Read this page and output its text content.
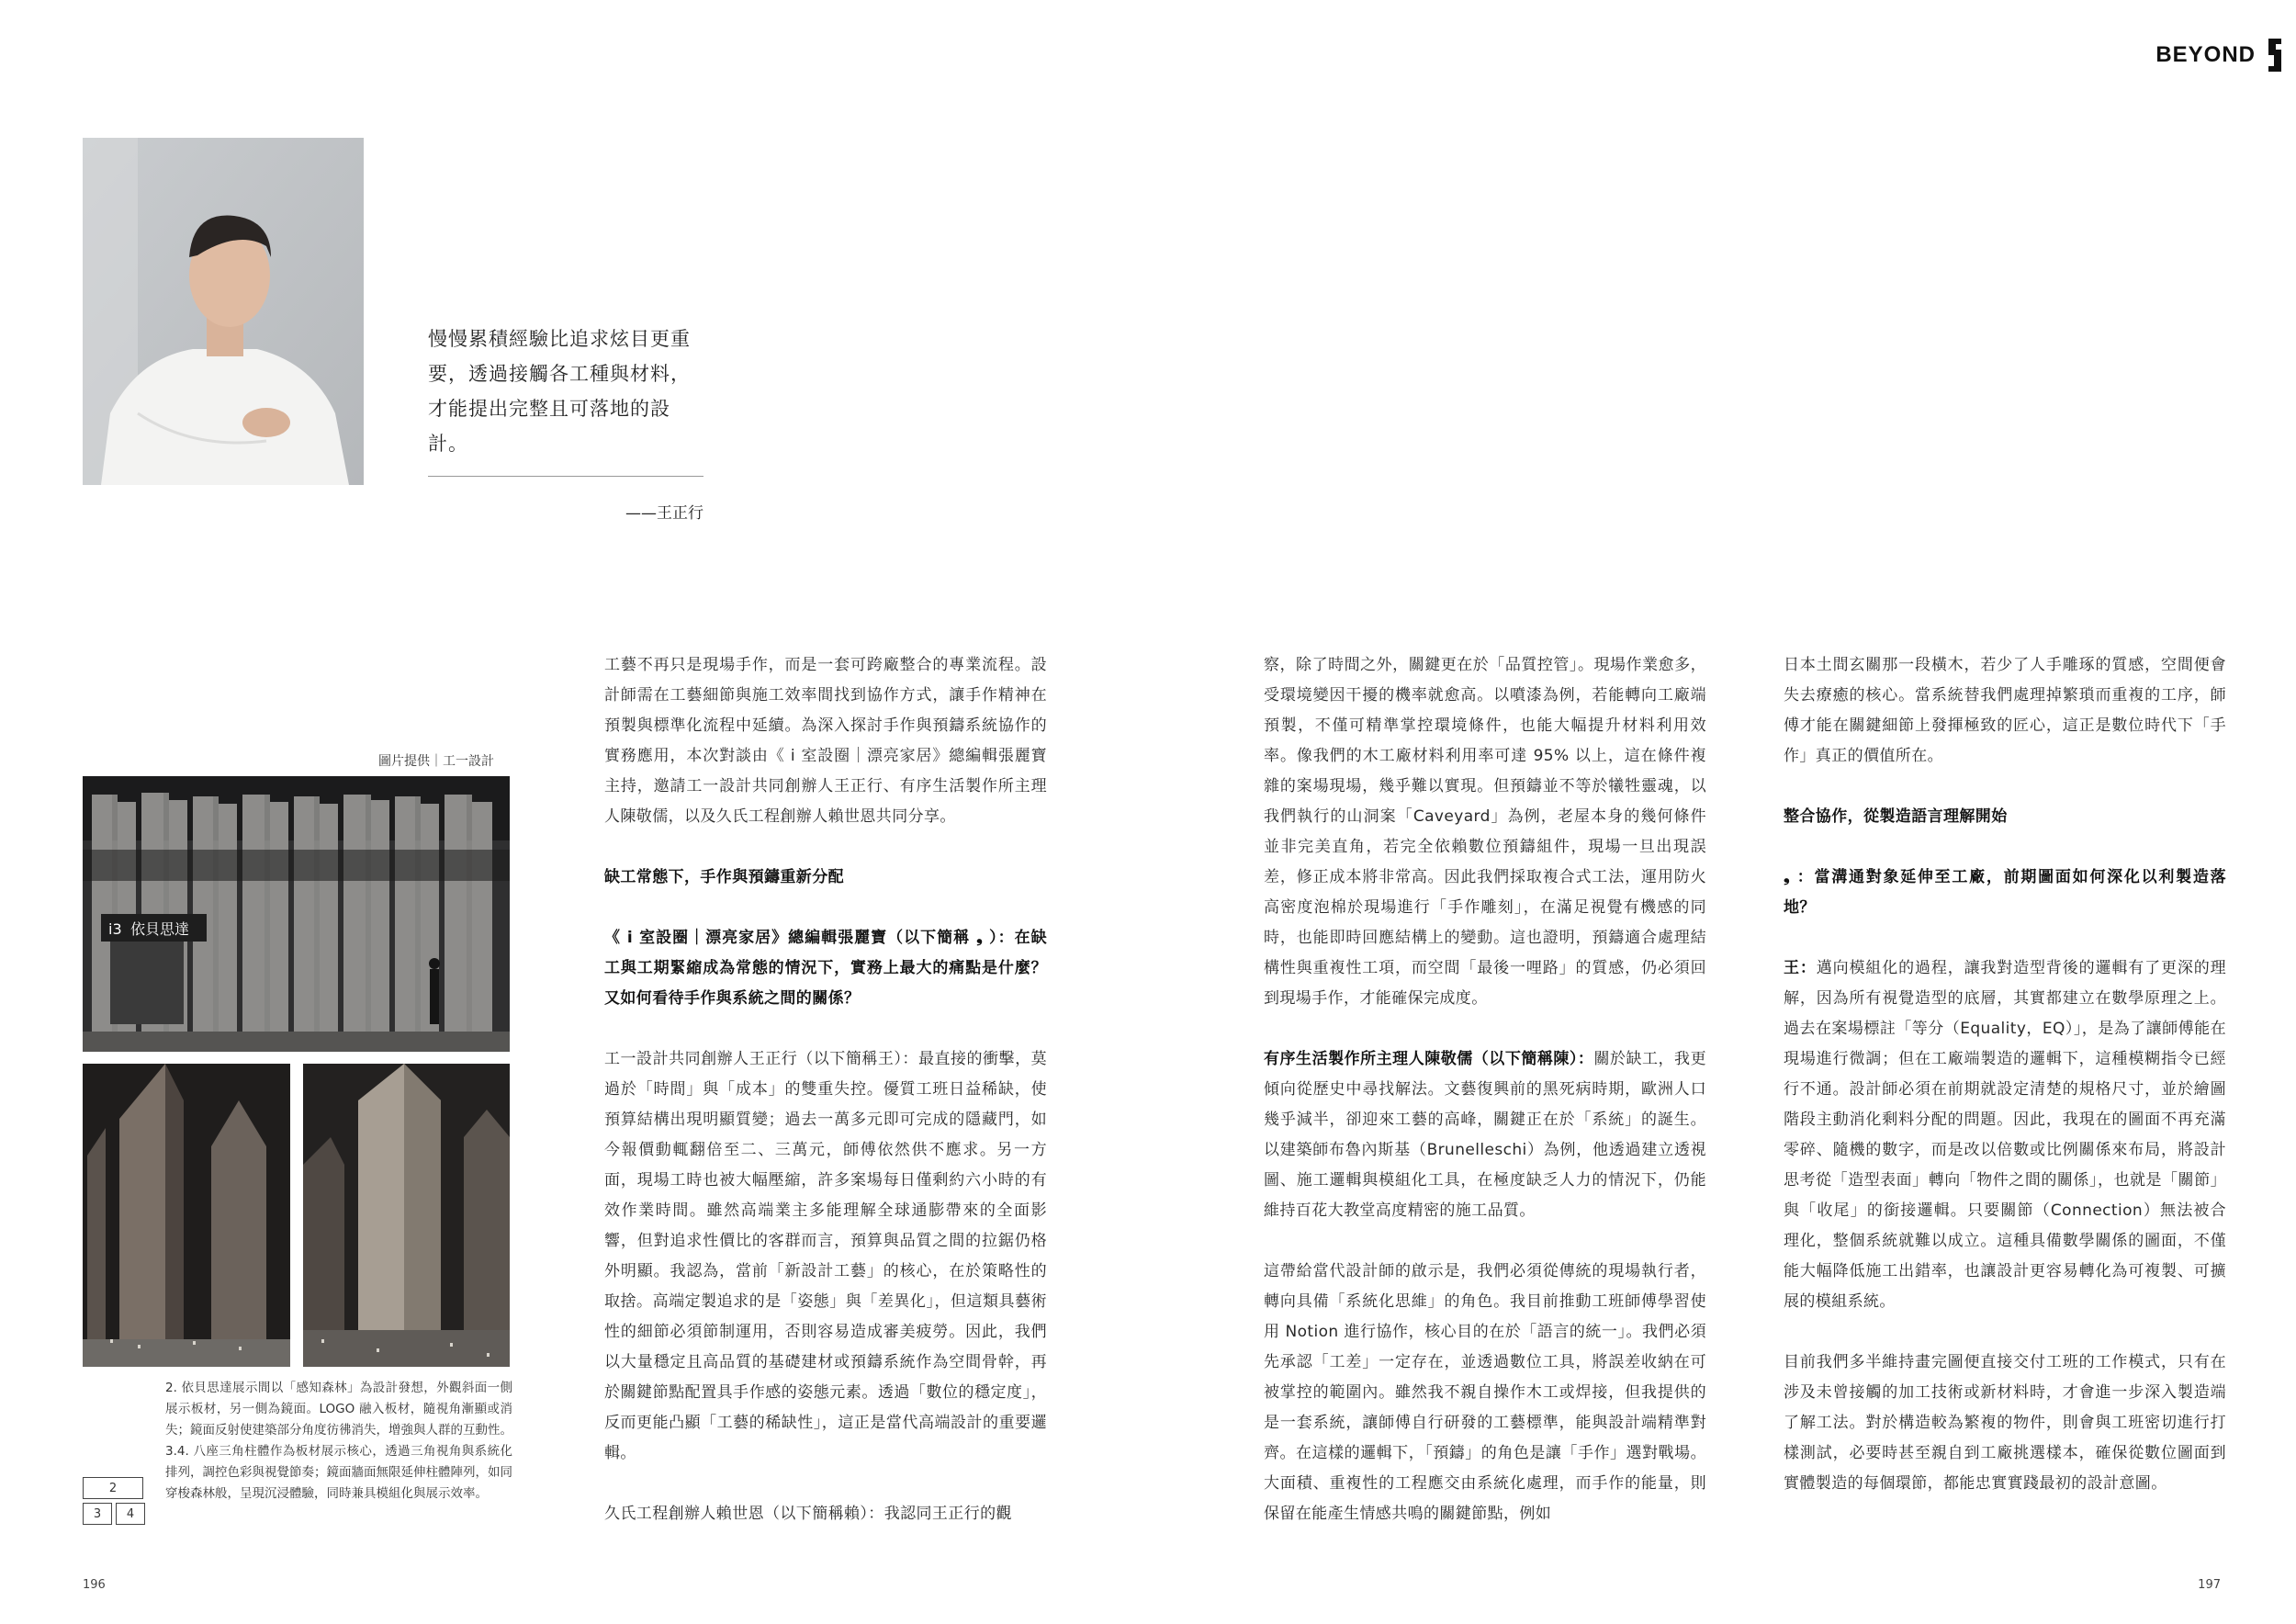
BEYOND
慢慢累積經驗比追求炫目更重
要，透過接觸各工種與材料，
才能提出完整且可落地的設計。
——王正行
圖片提供｜工一設計
i3 依貝思達
2. 依貝思達展示間以「感知森林」為設計發想，外觀斜面一側展示板材，另一側為鏡面。LOGO 融入板材，隨視角漸顯或消失；鏡面反射使建築部分角度彷彿消失，增強與人群的互動性。3.4. 八座三角柱體作為板材展示核心，透過三角視角與系統化排列，調控色彩與視覺節奏；鏡面牆面無限延伸柱體陣列，如同穿梭森林般，呈現沉浸體驗，同時兼具模組化與展示效率。
2
3	4

工藝不再只是現場手作，而是一套可跨廠整合的專業流程。設計師需在工藝細節與施工效率間找到協作方式，讓手作精神在預製與標準化流程中延續。為深入探討手作與預鑄系統協作的實務應用，本次對談由《 i 室設圈｜漂亮家居》總編輯張麗寶主持，邀請工一設計共同創辦人王正行、有序生活製作所主理人陳敬儒，以及久氏工程創辦人賴世恩共同分享。

缺工常態下，手作與預鑄重新分配

《 i 室設圈｜漂亮家居》總編輯張麗寶（以下簡稱 ❟ ）：在缺工與工期緊縮成為常態的情況下，實務上最大的痛點是什麼？又如何看待手作與系統之間的關係？

工一設計共同創辦人王正行（以下簡稱王）：最直接的衝擊，莫過於「時間」與「成本」的雙重失控。優質工班日益稀缺，使預算結構出現明顯質變；過去一萬多元即可完成的隱藏門，如今報價動輒翻倍至二、三萬元，師傅依然供不應求。另一方面，現場工時也被大幅壓縮，許多案場每日僅剩約六小時的有效作業時間。雖然高端業主多能理解全球通膨帶來的全面影響，但對追求性價比的客群而言，預算與品質之間的拉鋸仍格外明顯。我認為，當前「新設計工藝」的核心，在於策略性的取捨。高端定製追求的是「姿態」與「差異化」，但這類具藝術性的細節必須節制運用，否則容易造成審美疲勞。因此，我們以大量穩定且高品質的基礎建材或預鑄系統作為空間骨幹，再於關鍵節點配置具手作感的姿態元素。透過「數位的穩定度」，反而更能凸顯「工藝的稀缺性」，這正是當代高端設計的重要邏輯。

久氏工程創辦人賴世恩（以下簡稱賴）：我認同王正行的觀

察，除了時間之外，關鍵更在於「品質控管」。現場作業愈多，受環境變因干擾的機率就愈高。以噴漆為例，若能轉向工廠端預製，不僅可精準掌控環境條件，也能大幅提升材料利用效率。像我們的木工廠材料利用率可達 95% 以上，這在條件複雜的案場現場，幾乎難以實現。但預鑄並不等於犧牲靈魂，以我們執行的山洞案「Caveyard」為例，老屋本身的幾何條件並非完美直角，若完全依賴數位預鑄組件，現場一旦出現誤差，修正成本將非常高。因此我們採取複合式工法，運用防火高密度泡棉於現場進行「手作雕刻」，在滿足視覺有機感的同時，也能即時回應結構上的變動。這也證明，預鑄適合處理結構性與重複性工項，而空間「最後一哩路」的質感，仍必須回到現場手作，才能確保完成度。

有序生活製作所主理人陳敬儒（以下簡稱陳）：關於缺工，我更傾向從歷史中尋找解法。文藝復興前的黑死病時期，歐洲人口幾乎減半，卻迎來工藝的高峰，關鍵正在於「系統」的誕生。以建築師布魯內斯基（Brunelleschi）為例，他透過建立透視圖、施工邏輯與模組化工具，在極度缺乏人力的情況下，仍能維持百花大教堂高度精密的施工品質。

這帶給當代設計師的啟示是，我們必須從傳統的現場執行者，轉向具備「系統化思維」的角色。我目前推動工班師傅學習使用 Notion 進行協作，核心目的在於「語言的統一」。我們必須先承認「工差」一定存在，並透過數位工具，將誤差收納在可被掌控的範圍內。雖然我不親自操作木工或焊接，但我提供的是一套系統，讓師傅自行研發的工藝標準，能與設計端精準對齊。在這樣的邏輯下，「預鑄」的角色是讓「手作」選對戰場。大面積、重複性的工程應交由系統化處理，而手作的能量，則保留在能產生情感共鳴的關鍵節點，例如

日本土間玄關那一段橫木，若少了人手雕琢的質感，空間便會失去療癒的核心。當系統替我們處理掉繁瑣而重複的工序，師傅才能在關鍵細節上發揮極致的匠心，這正是數位時代下「手作」真正的價值所在。

整合協作，從製造語言理解開始

❟ ：當溝通對象延伸至工廠，前期圖面如何深化以利製造落地？

王：邁向模組化的過程，讓我對造型背後的邏輯有了更深的理解，因為所有視覺造型的底層，其實都建立在數學原理之上。過去在案場標註「等分（Equality，EQ）」，是為了讓師傅能在現場進行微調；但在工廠端製造的邏輯下，這種模糊指令已經行不通。設計師必須在前期就設定清楚的規格尺寸，並於繪圖階段主動消化剩料分配的問題。因此，我現在的圖面不再充滿零碎、隨機的數字，而是改以倍數或比例關係來布局，將設計思考從「造型表面」轉向「物件之間的關係」，也就是「關節」與「收尾」的銜接邏輯。只要關節（Connection）無法被合理化，整個系統就難以成立。這種具備數學關係的圖面，不僅能大幅降低施工出錯率，也讓設計更容易轉化為可複製、可擴展的模組系統。

目前我們多半維持畫完圖便直接交付工班的工作模式，只有在涉及未曾接觸的加工技術或新材料時，才會進一步深入製造端了解工法。對於構造較為繁複的物件，則會與工班密切進行打樣測試，必要時甚至親自到工廠挑選樣本，確保從數位圖面到實體製造的每個環節，都能忠實實踐最初的設計意圖。

196	197
